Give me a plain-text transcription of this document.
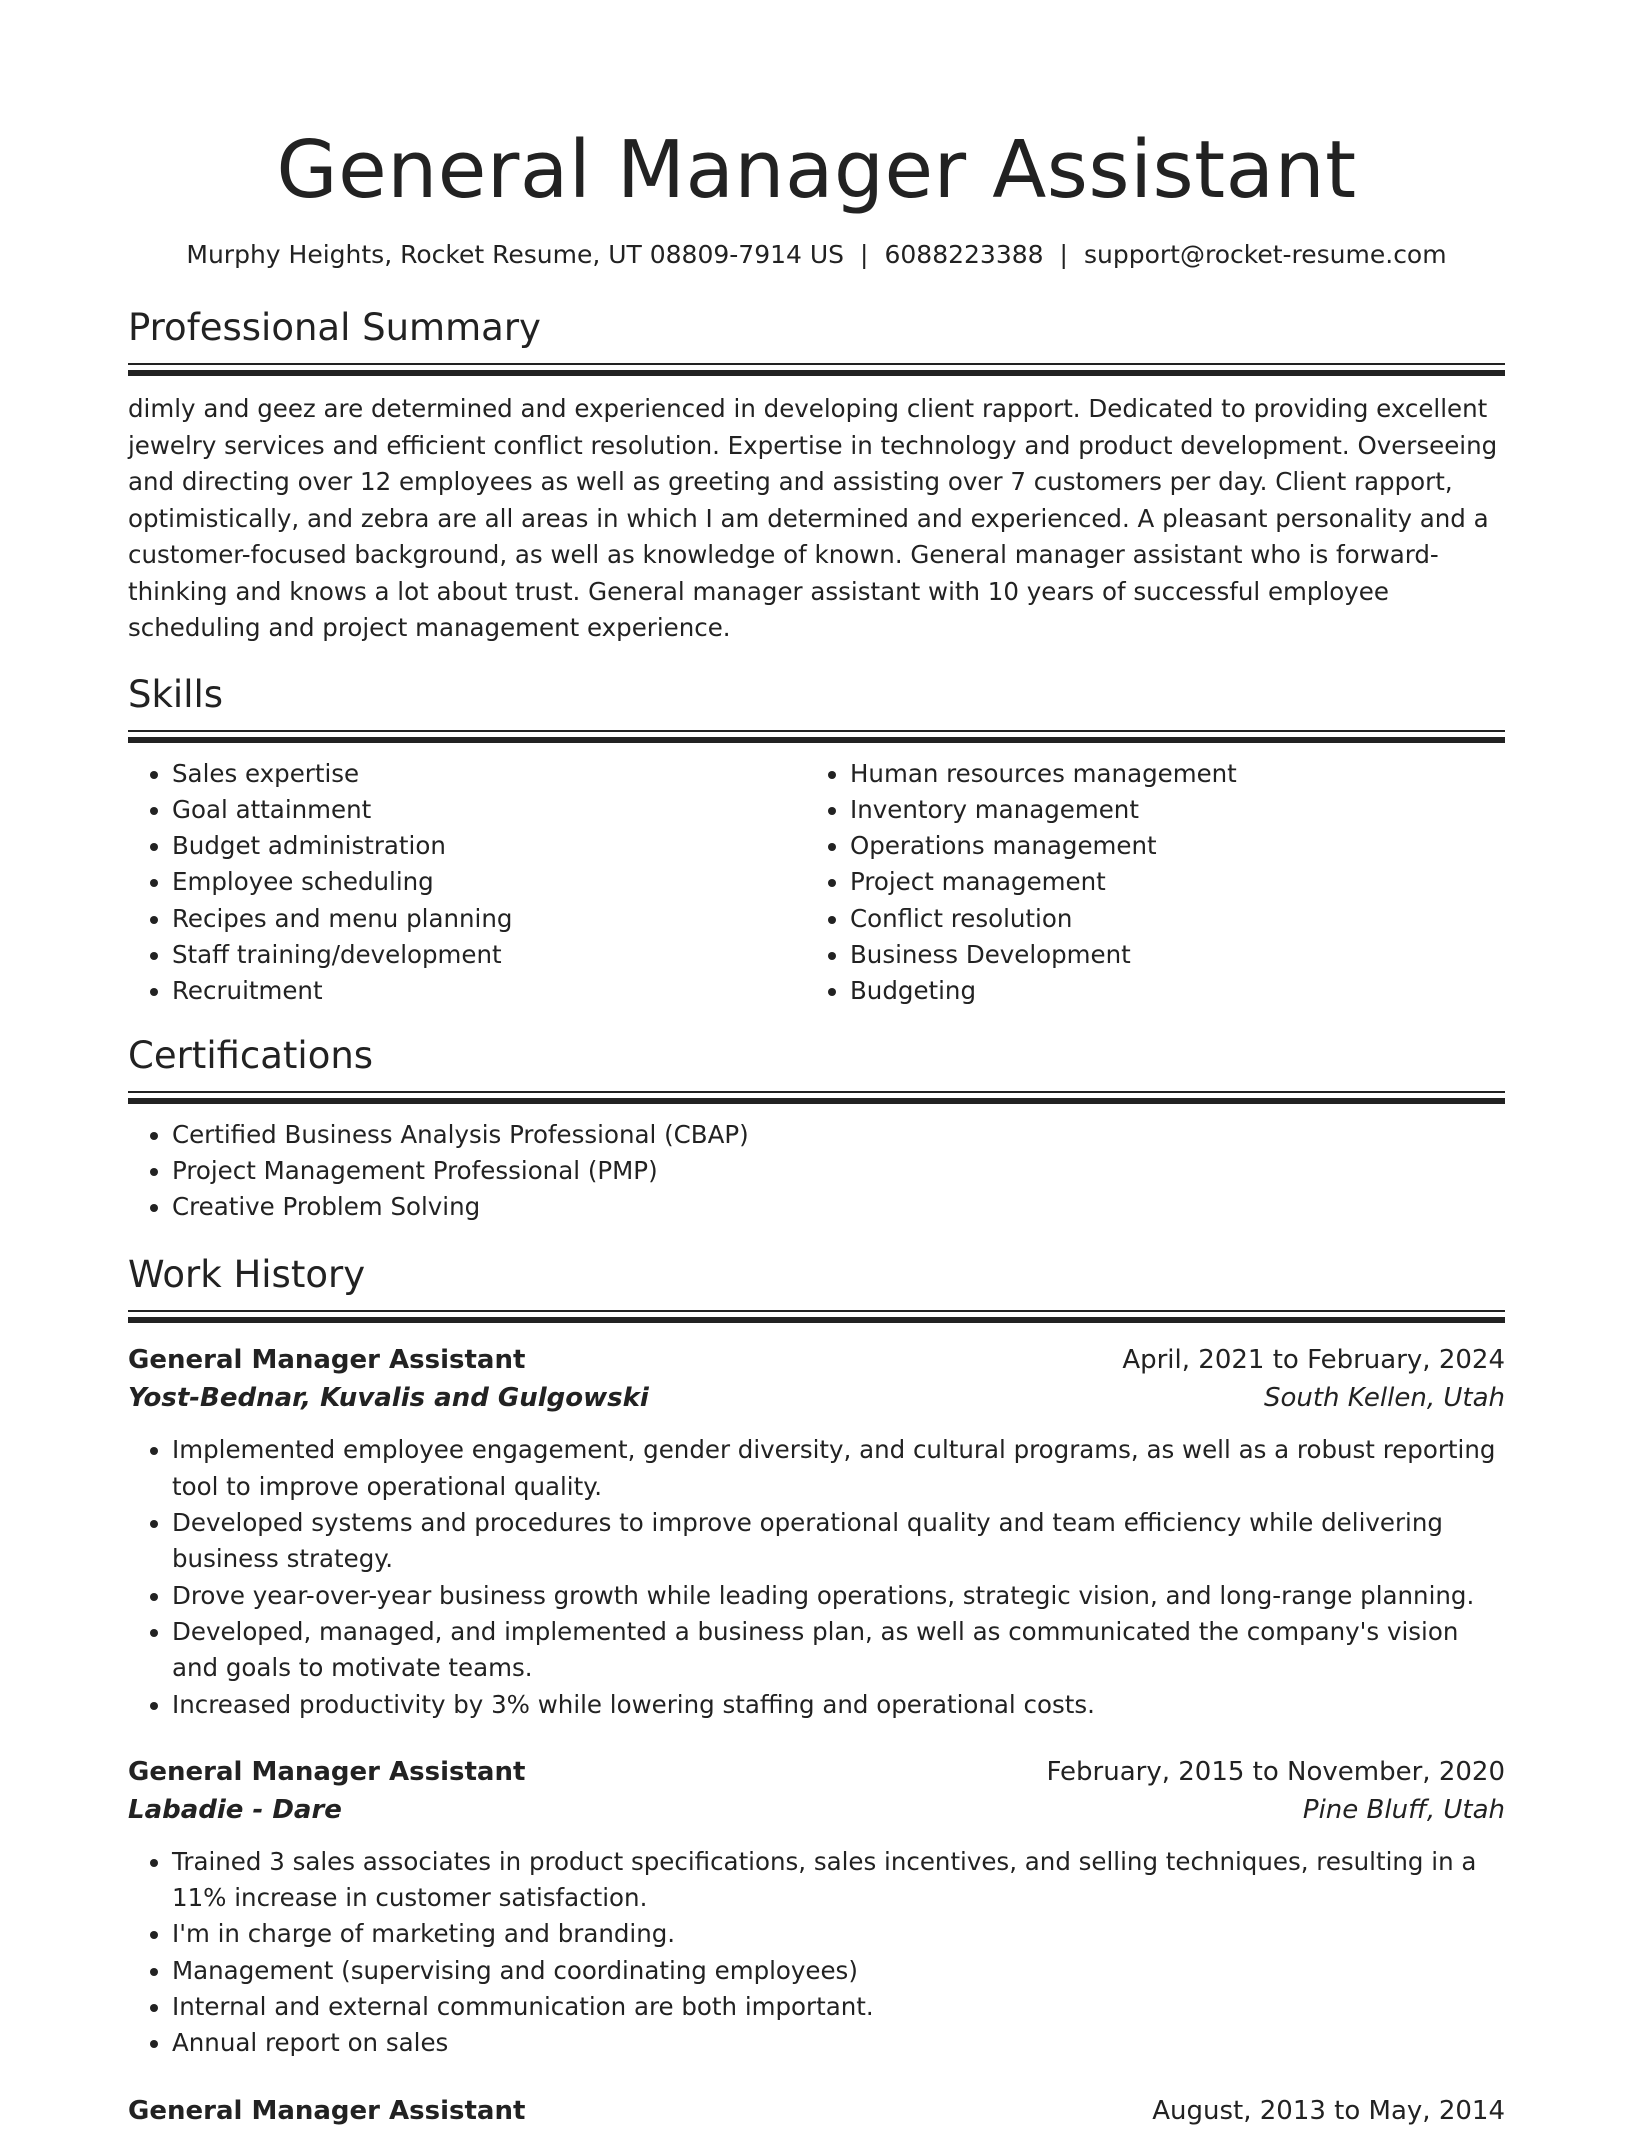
General Manager Assistant
Murphy Heights, Rocket Resume, UT 08809-7914 US | 6088223388 | support@rocket-resume.com
Professional Summary
dimly and geez are determined and experienced in developing client rapport. Dedicated to providing excellent jewelry services and efficient conflict resolution. Expertise in technology and product development. Overseeing and directing over 12 employees as well as greeting and assisting over 7 customers per day. Client rapport, optimistically, and zebra are all areas in which I am determined and experienced. A pleasant personality and a customer-focused background, as well as knowledge of known. General manager assistant who is forward-thinking and knows a lot about trust. General manager assistant with 10 years of successful employee scheduling and project management experience.
Skills
• Sales expertise
• Goal attainment
• Budget administration
• Employee scheduling
• Recipes and menu planning
• Staff training/development
• Recruitment
• Human resources management
• Inventory management
• Operations management
• Project management
• Conflict resolution
• Business Development
• Budgeting
Certifications
• Certified Business Analysis Professional (CBAP)
• Project Management Professional (PMP)
• Creative Problem Solving
Work History
General Manager Assistant	April, 2021 to February, 2024
Yost-Bednar, Kuvalis and Gulgowski	South Kellen, Utah
• Implemented employee engagement, gender diversity, and cultural programs, as well as a robust reporting tool to improve operational quality.
• Developed systems and procedures to improve operational quality and team efficiency while delivering business strategy.
• Drove year-over-year business growth while leading operations, strategic vision, and long-range planning.
• Developed, managed, and implemented a business plan, as well as communicated the company's vision and goals to motivate teams.
• Increased productivity by 3% while lowering staffing and operational costs.
General Manager Assistant	February, 2015 to November, 2020
Labadie - Dare	Pine Bluff, Utah
• Trained 3 sales associates in product specifications, sales incentives, and selling techniques, resulting in a 11% increase in customer satisfaction.
• I'm in charge of marketing and branding.
• Management (supervising and coordinating employees)
• Internal and external communication are both important.
• Annual report on sales
General Manager Assistant	August, 2013 to May, 2014
